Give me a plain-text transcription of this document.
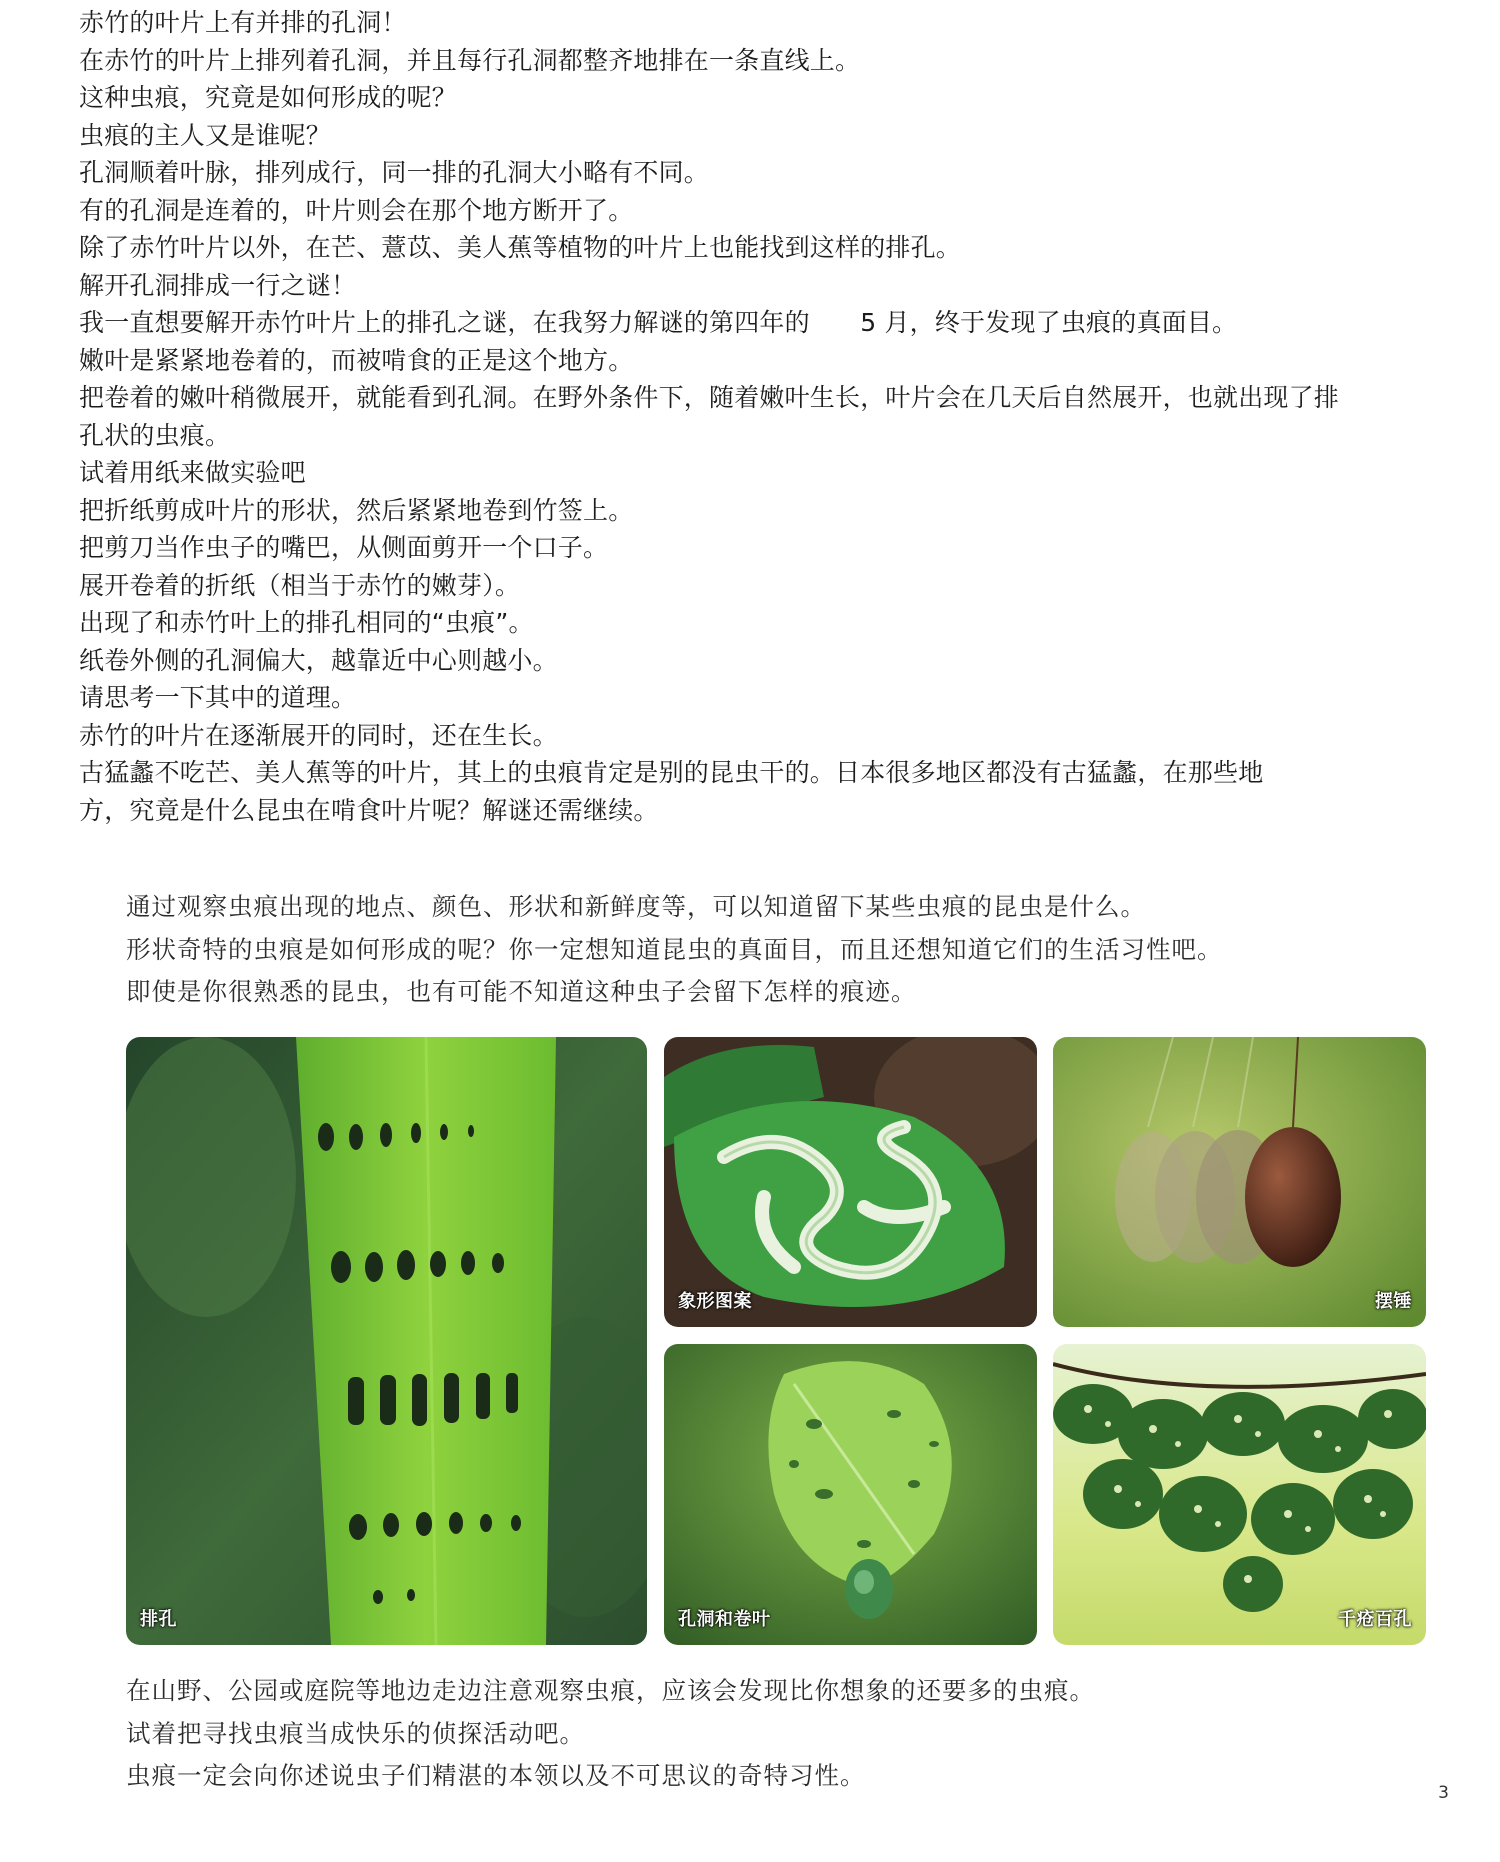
赤竹的叶片上有并排的孔洞！
在赤竹的叶片上排列着孔洞，并且每行孔洞都整齐地排在一条直线上。
这种虫痕，究竟是如何形成的呢？
虫痕的主人又是谁呢？
孔洞顺着叶脉，排列成行，同一排的孔洞大小略有不同。
有的孔洞是连着的，叶片则会在那个地方断开了。
除了赤竹叶片以外，在芒、薏苡、美人蕉等植物的叶片上也能找到这样的排孔。
解开孔洞排成一行之谜！
我一直想要解开赤竹叶片上的排孔之谜，在我努力解谜的第四年的　　5 月，终于发现了虫痕的真面目。
嫩叶是紧紧地卷着的，而被啃食的正是这个地方。
把卷着的嫩叶稍微展开，就能看到孔洞。在野外条件下，随着嫩叶生长，叶片会在几天后自然展开，也就出现了排
孔状的虫痕。
试着用纸来做实验吧
把折纸剪成叶片的形状，然后紧紧地卷到竹签上。
把剪刀当作虫子的嘴巴，从侧面剪开一个口子。
展开卷着的折纸（相当于赤竹的嫩芽）。
出现了和赤竹叶上的排孔相同的“虫痕”。
纸卷外侧的孔洞偏大，越靠近中心则越小。
请思考一下其中的道理。
赤竹的叶片在逐渐展开的同时，还在生长。
古猛蠡不吃芒、美人蕉等的叶片，其上的虫痕肯定是别的昆虫干的。日本很多地区都没有古猛蠡，在那些地
方，究竟是什么昆虫在啃食叶片呢？解谜还需继续。
通过观察虫痕出现的地点、颜色、形状和新鲜度等，可以知道留下某些虫痕的昆虫是什么。
形状奇特的虫痕是如何形成的呢？你一定想知道昆虫的真面目，而且还想知道它们的生活习性吧。
即使是你很熟悉的昆虫，也有可能不知道这种虫子会留下怎样的痕迹。
排孔
象形图案	摆锤
孔洞和卷叶	千疮百孔
在山野、公园或庭院等地边走边注意观察虫痕，应该会发现比你想象的还要多的虫痕。
试着把寻找虫痕当成快乐的侦探活动吧。
虫痕一定会向你述说虫子们精湛的本领以及不可思议的奇特习性。
3
